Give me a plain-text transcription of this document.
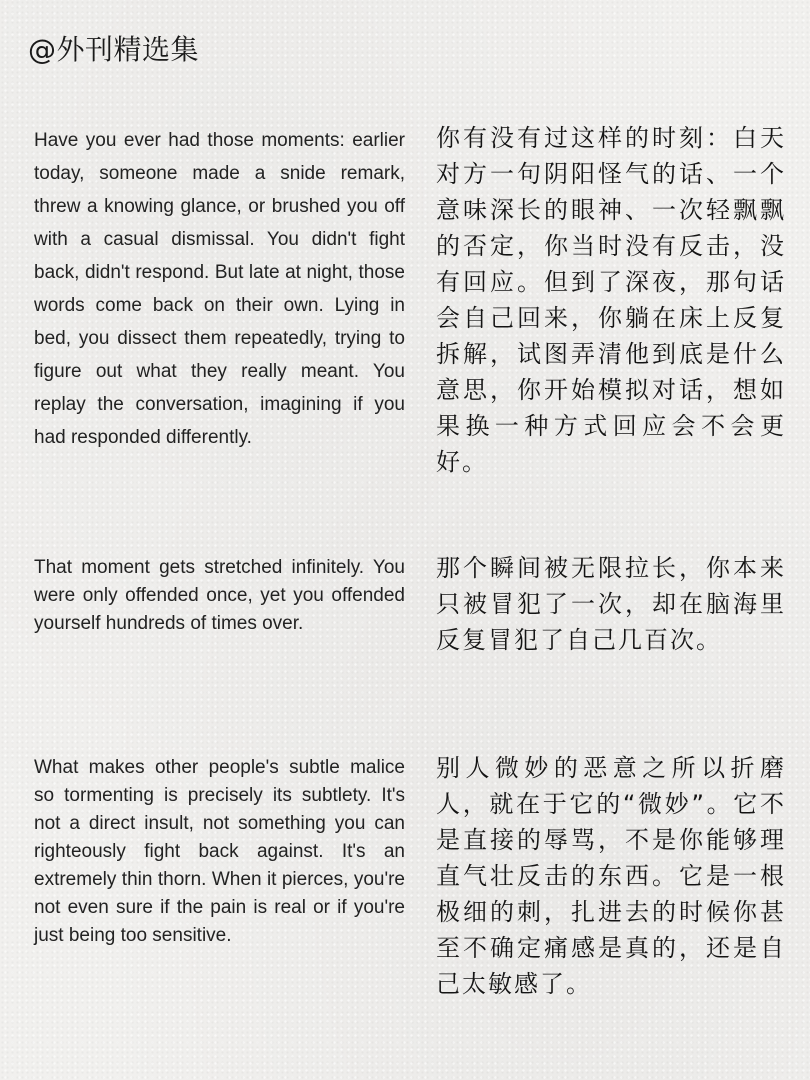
@外刊精选集

Have you ever had those moments: earlier today, someone made a snide remark, threw a knowing glance, or brushed you off with a casual dismissal. You didn't fight back, didn't respond. But late at night, those words come back on their own. Lying in bed, you dissect them repeatedly, trying to figure out what they really meant. You replay the conversation, imagining if you had responded differently.

你有没有过这样的时刻：白天对方一句阴阳怪气的话、一个意味深长的眼神、一次轻飘飘的否定，你当时没有反击，没有回应。但到了深夜，那句话会自己回来，你躺在床上反复拆解，试图弄清他到底是什么意思，你开始模拟对话，想如果换一种方式回应会不会更好。

That moment gets stretched infinitely. You were only offended once, yet you offended yourself hundreds of times over.

那个瞬间被无限拉长，你本来只被冒犯了一次，却在脑海里反复冒犯了自己几百次。

What makes other people's subtle malice so tormenting is precisely its subtlety. It's not a direct insult, not something you can righteously fight back against. It's an extremely thin thorn. When it pierces, you're not even sure if the pain is real or if you're just being too sensitive.

别人微妙的恶意之所以折磨人，就在于它的“微妙”。它不是直接的辱骂，不是你能够理直气壮反击的东西。它是一根极细的刺，扎进去的时候你甚至不确定痛感是真的，还是自己太敏感了。
